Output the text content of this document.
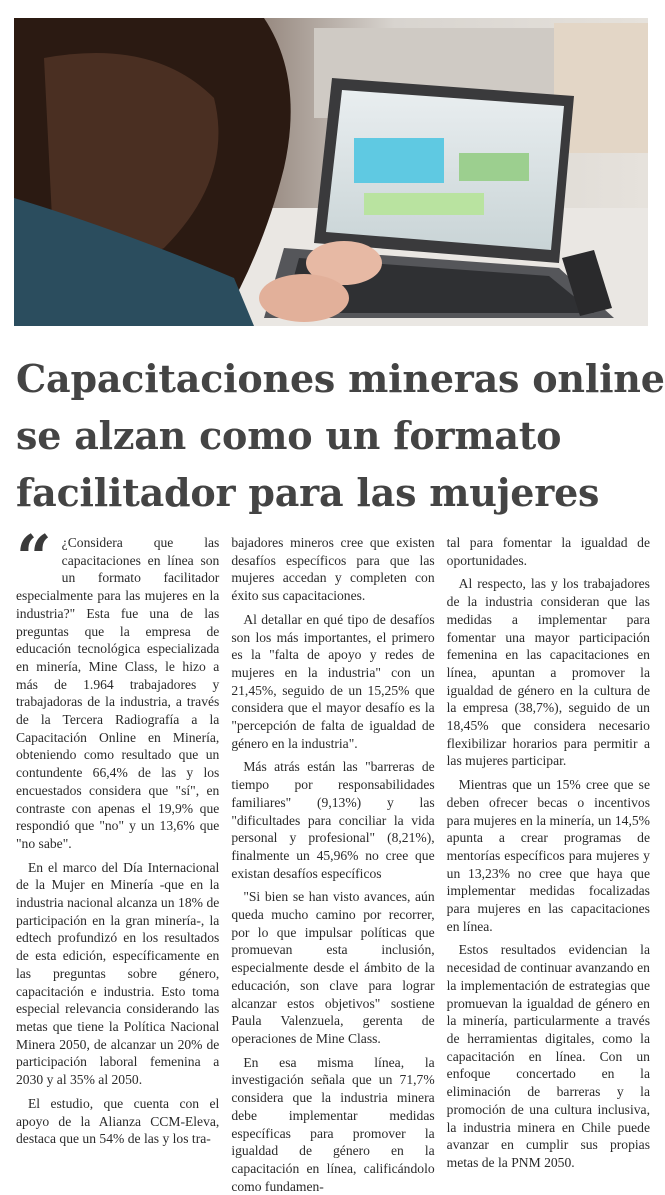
Capacitaciones mineras online
se alzan como un formato
facilitador para las mujeres
“ ¿Considera que las capacitaciones en línea son un formato facilitador especialmente para las mujeres en la industria?" Esta fue una de las preguntas que la empresa de educación tecnológica especializada en minería, Mine Class, le hizo a más de 1.964 trabajadores y trabajadoras de la industria, a través de la Tercera Radiografía a la Capacitación Online en Minería, obteniendo como resultado que un contundente 66,4% de las y los encuestados considera que "sí", en contraste con apenas el 19,9% que respondió que "no" y un 13,6% que "no sabe".

En el marco del Día Internacional de la Mujer en Minería -que en la industria nacional alcanza un 18% de participación en la gran minería-, la edtech profundizó en los resultados de esta edición, específicamente en las preguntas sobre género, capacitación e industria. Esto toma especial relevancia considerando las metas que tiene la Política Nacional Minera 2050, de alcanzar un 20% de participación laboral femenina a 2030 y al 35% al 2050.

El estudio, que cuenta con el apoyo de la Alianza CCM-Eleva, destaca que un 54% de las y los tra-

bajadores mineros cree que existen desafíos específicos para que las mujeres accedan y completen con éxito sus capacitaciones.

Al detallar en qué tipo de desafíos son los más importantes, el primero es la "falta de apoyo y redes de mujeres en la industria" con un 21,45%, seguido de un 15,25% que considera que el mayor desafío es la "percepción de falta de igualdad de género en la industria".

Más atrás están las "barreras de tiempo por responsabilidades familiares" (9,13%) y las "dificultades para conciliar la vida personal y profesional" (8,21%), finalmente un 45,96% no cree que existan desafíos específicos

"Si bien se han visto avances, aún queda mucho camino por recorrer, por lo que impulsar políticas que promuevan esta inclusión, especialmente desde el ámbito de la educación, son clave para lograr alcanzar estos objetivos" sostiene Paula Valenzuela, gerenta de operaciones de Mine Class.

En esa misma línea, la investigación señala que un 71,7% considera que la industria minera debe implementar medidas específicas para promover la igualdad de género en la capacitación en línea, calificándolo como fundamen-

tal para fomentar la igualdad de oportunidades.

Al respecto, las y los trabajadores de la industria consideran que las medidas a implementar para fomentar una mayor participación femenina en las capacitaciones en línea, apuntan a promover la igualdad de género en la cultura de la empresa (38,7%), seguido de un 18,45% que considera necesario flexibilizar horarios para permitir a las mujeres participar.

Mientras que un 15% cree que se deben ofrecer becas o incentivos para mujeres en la minería, un 14,5% apunta a crear programas de mentorías específicos para mujeres y un 13,23% no cree que haya que implementar medidas focalizadas para mujeres en las capacitaciones en línea.

Estos resultados evidencian la necesidad de continuar avanzando en la implementación de estrategias que promuevan la igualdad de género en la minería, particularmente a través de herramientas digitales, como la capacitación en línea. Con un enfoque concertado en la eliminación de barreras y la promoción de una cultura inclusiva, la industria minera en Chile puede avanzar en cumplir sus propias metas de la PNM 2050.
